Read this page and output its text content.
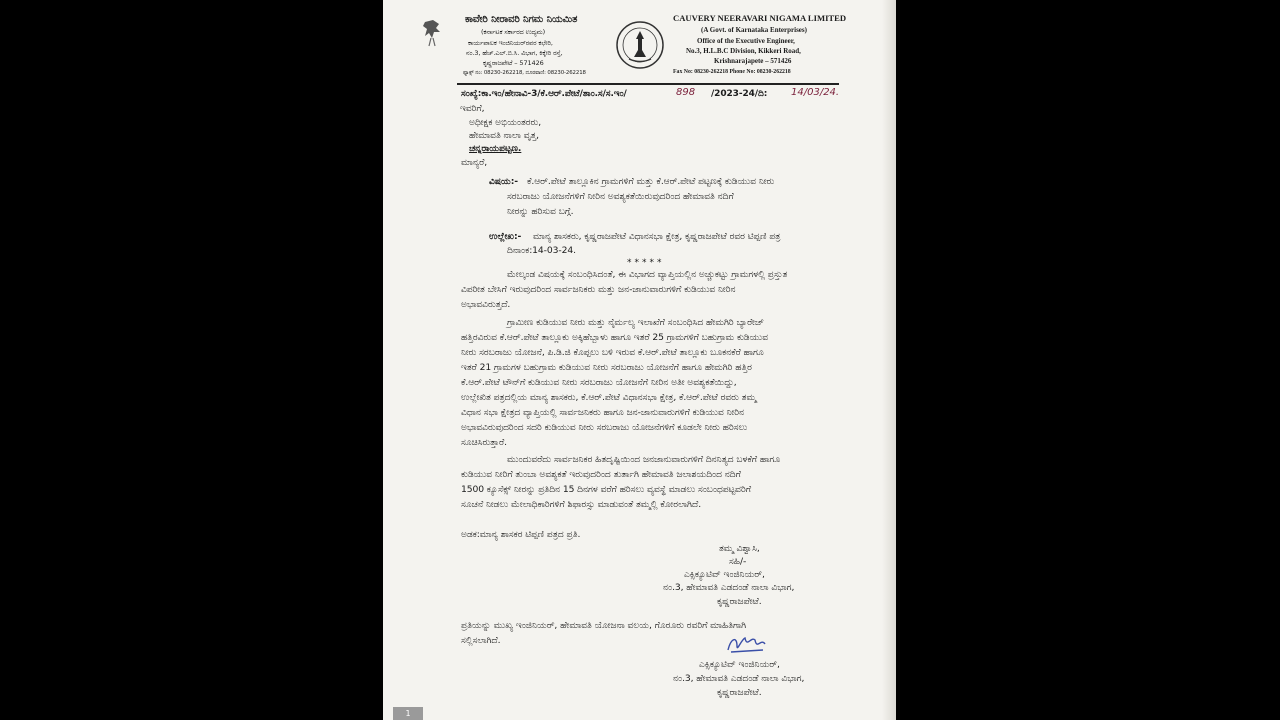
ಕಾವೇರಿ ನೀರಾವರಿ ನಿಗಮ ನಿಯಮಿತ
(ಕರ್ನಾಟಕ ಸರ್ಕಾರದ ಉದ್ಯಮ)
ಕಾರ್ಯಪಾಲಕ ಇಂಜಿನಿಯರ್‌ರವರ ಕಛೇರಿ,
ನಂ.3, ಹೆಚ್.ಎಲ್.ಬಿ.ಸಿ. ವಿಭಾಗ, ಕಿಕ್ಕೇರಿ ರಸ್ತೆ,
ಕೃಷ್ಣರಾಜಪೇಟೆ – 571426
ಫ್ಯಾಕ್ಸ್ ನಂ: 08230-262218, ದೂರವಾಣಿ: 08230-262218
CAUVERY NEERAVARI NIGAMA LIMITED
(A Govt. of Karnataka Enterprises)
Office of the Executive Engineer,
No.3, H.L.B.C Division, Kikkeri Road,
Krishnarajapete – 571426
Fax No: 08230-262218 Phone No: 08230-262218
ಸಂಖ್ಯೆ:ಕಾ.ಇಂ/ಹೇನಾವಿ-3/ಕೆ.ಆರ್.ಪೇಟೆ/ತಾಂ.ಸ/ಸ.ಇಂ/	898 /2023-24/ದಿ: 14/03/24.
ಇವರಿಗೆ,
ಅಧೀಕ್ಷಕ ಅಭಿಯಂತರರು,
ಹೇಮಾವತಿ ನಾಲಾ ವೃತ್ತ,
ಚನ್ನರಾಯಪಟ್ಟಣ.
ಮಾನ್ಯರೆ,
ವಿಷಯ:- ಕೆ.ಆರ್.ಪೇಟೆ ತಾಲ್ಲೂಕಿನ ಗ್ರಾಮಗಳಿಗೆ ಮತ್ತು ಕೆ.ಆರ್.ಪೇಟೆ ಪಟ್ಟಣಕ್ಕೆ ಕುಡಿಯುವ ನೀರು
ಸರಬರಾಜು ಯೋಜನೆಗಳಿಗೆ ನೀರಿನ ಅವಶ್ಯಕತೆಯಿರುವುದರಿಂದ ಹೇಮಾವತಿ ನದಿಗೆ
ನೀರನ್ನು ಹರಿಸುವ ಬಗ್ಗೆ.
ಉಲ್ಲೇಖ:- ಮಾನ್ಯ ಶಾಸಕರು, ಕೃಷ್ಣರಾಜಪೇಟೆ ವಿಧಾನಸಭಾ ಕ್ಷೇತ್ರ, ಕೃಷ್ಣರಾಜಪೇಟೆ ರವರ ಟಿಪ್ಪಣಿ ಪತ್ರ
ದಿನಾಂಕ:14-03-24.
*****
ಮೇಲ್ಕಂಡ ವಿಷಯಕ್ಕೆ ಸಂಬಂಧಿಸಿದಂತೆ, ಈ ವಿಭಾಗದ ವ್ಯಾಪ್ತಿಯಲ್ಲಿನ ಅಚ್ಚುಕಟ್ಟು ಗ್ರಾಮಗಳಲ್ಲಿ ಪ್ರಸ್ತುತ
ವಿಪರೀತ ಬೇಸಿಗೆ ಇರುವುದರಿಂದ ಸಾರ್ವಜನಿಕರು ಮತ್ತು ಜನ-ಜಾನುವಾರುಗಳಿಗೆ ಕುಡಿಯುವ ನೀರಿನ
ಅಭಾವವಿರುತ್ತದೆ.
ಗ್ರಾಮೀಣ ಕುಡಿಯುವ ನೀರು ಮತ್ತು ನೈರ್ಮಲ್ಯ ಇಲಾಖೆಗೆ ಸಂಬಂಧಿಸಿದ ಹೇಮಗಿರಿ ಬ್ಯಾರೇಜ್
ಹತ್ತಿರವಿರುವ ಕೆ.ಆರ್.ಪೇಟೆ ತಾಲ್ಲೂಕು ಅಕ್ಕಿಹೆಬ್ಬಾಳು ಹಾಗೂ ಇತರೆ 25 ಗ್ರಾಮಗಳಿಗೆ ಬಹುಗ್ರಾಮ ಕುಡಿಯುವ
ನೀರು ಸರಬರಾಜು ಯೋಜನೆ, ಪಿ.ಡಿ.ಜಿ ಕೊಪ್ಪಲು ಬಳಿ ಇರುವ ಕೆ.ಆರ್.ಪೇಟೆ ತಾಲ್ಲೂಕು ಬೂಕನಕೆರೆ ಹಾಗೂ
ಇತರೆ 21 ಗ್ರಾಮಗಳ ಬಹುಗ್ರಾಮ ಕುಡಿಯುವ ನೀರು ಸರಬರಾಜು ಯೋಜನೆಗೆ ಹಾಗೂ ಹೇಮಗಿರಿ ಹತ್ತಿರ
ಕೆ.ಆರ್.ಪೇಟೆ ಟೌನ್‌ಗೆ ಕುಡಿಯುವ ನೀರು ಸರಬರಾಜು ಯೋಜನೆಗೆ ನೀರಿನ ಅತೀ ಅವಶ್ಯಕತೆಯಿದ್ದು,
ಉಲ್ಲೇಖಿತ ಪತ್ರದಲ್ಲಿಯ ಮಾನ್ಯ ಶಾಸಕರು, ಕೆ.ಆರ್.ಪೇಟೆ ವಿಧಾನಸಭಾ ಕ್ಷೇತ್ರ, ಕೆ.ಆರ್.ಪೇಟೆ ರವರು ತಮ್ಮ
ವಿಧಾನ ಸಭಾ ಕ್ಷೇತ್ರದ ವ್ಯಾಪ್ತಿಯಲ್ಲಿ ಸಾರ್ವಜನಿಕರು ಹಾಗೂ ಜನ-ಜಾನುವಾರುಗಳಿಗೆ ಕುಡಿಯುವ ನೀರಿನ
ಅಭಾವವಿರುವುದರಿಂದ ಸದರಿ ಕುಡಿಯುವ ನೀರು ಸರಬರಾಜು ಯೋಜನೆಗಳಿಗೆ ಕೂಡಲೇ ನೀರು ಹರಿಸಲು
ಸೂಚಿಸಿರುತ್ತಾರೆ.
ಮುಂದುವರೆದು ಸಾರ್ವಜನಿಕರ ಹಿತದೃಷ್ಟಿಯಿಂದ ಜನಜಾನುವಾರುಗಳಿಗೆ ದಿನನಿತ್ಯದ ಬಳಕೆಗೆ ಹಾಗೂ
ಕುಡಿಯುವ ನೀರಿಗೆ ತುಂಬಾ ಅವಶ್ಯಕತೆ ಇರುವುದರಿಂದ ತುರ್ತಾಗಿ ಹೇಮಾವತಿ ಜಲಾಶಯದಿಂದ ನದಿಗೆ
1500 ಕ್ಯೂಸೆಕ್ಸ್ ನೀರನ್ನು ಪ್ರತಿದಿನ 15 ದಿನಗಳ ವರೆಗೆ ಹರಿಸಲು ವ್ಯವಸ್ಥೆ ಮಾಡಲು ಸಂಬಂಧಪಟ್ಟವರಿಗೆ
ಸೂಚನೆ ನೀಡಲು ಮೇಲಾಧಿಕಾರಿಗಳಿಗೆ ಶಿಫಾರಸ್ಸು ಮಾಡುವಂತೆ ತಮ್ಮಲ್ಲಿ ಕೋರಲಾಗಿದೆ.
ಅಡಕ:ಮಾನ್ಯ ಶಾಸಕರ ಟಿಪ್ಪಣಿ ಪತ್ರದ ಪ್ರತಿ.
ತಮ್ಮ ವಿಶ್ವಾಸಿ,
ಸಹಿ/-
ಎಕ್ಸಿಕ್ಯೂಟಿವ್ ಇಂಜಿನಿಯರ್,
ನಂ.3, ಹೇಮಾವತಿ ಎಡದಂಡೆ ನಾಲಾ ವಿಭಾಗ,
ಕೃಷ್ಣರಾಜಪೇಟೆ.
ಪ್ರತಿಯನ್ನು ಮುಖ್ಯ ಇಂಜಿನಿಯರ್, ಹೇಮಾವತಿ ಯೋಜನಾ ವಲಯ, ಗೊರೂರು ರವರಿಗೆ ಮಾಹಿತಿಗಾಗಿ
ಸಲ್ಲಿಸಲಾಗಿದೆ.
ಎಕ್ಸಿಕ್ಯೂಟಿವ್ ಇಂಜಿನಿಯರ್,
ನಂ.3, ಹೇಮಾವತಿ ಎಡದಂಡೆ ನಾಲಾ ವಿಭಾಗ,
ಕೃಷ್ಣರಾಜಪೇಟೆ.
1
